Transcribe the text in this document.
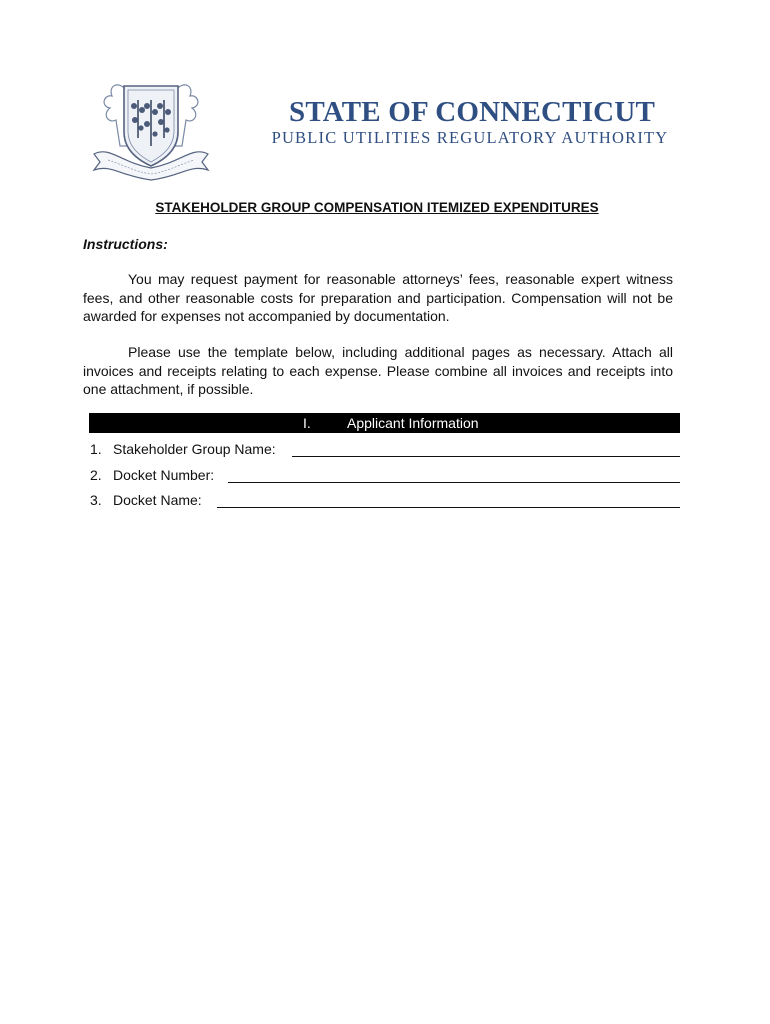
STATE OF CONNECTICUT
PUBLIC UTILITIES REGULATORY AUTHORITY
STAKEHOLDER GROUP COMPENSATION ITEMIZED EXPENDITURES
Instructions:

You may request payment for reasonable attorneys’ fees, reasonable expert witness fees, and other reasonable costs for preparation and participation. Compensation will not be awarded for expenses not accompanied by documentation.

Please use the template below, including additional pages as necessary. Attach all invoices and receipts relating to each expense. Please combine all invoices and receipts into one attachment, if possible.

I.	Applicant Information
1. Stakeholder Group Name:
2. Docket Number:
3. Docket Name:
